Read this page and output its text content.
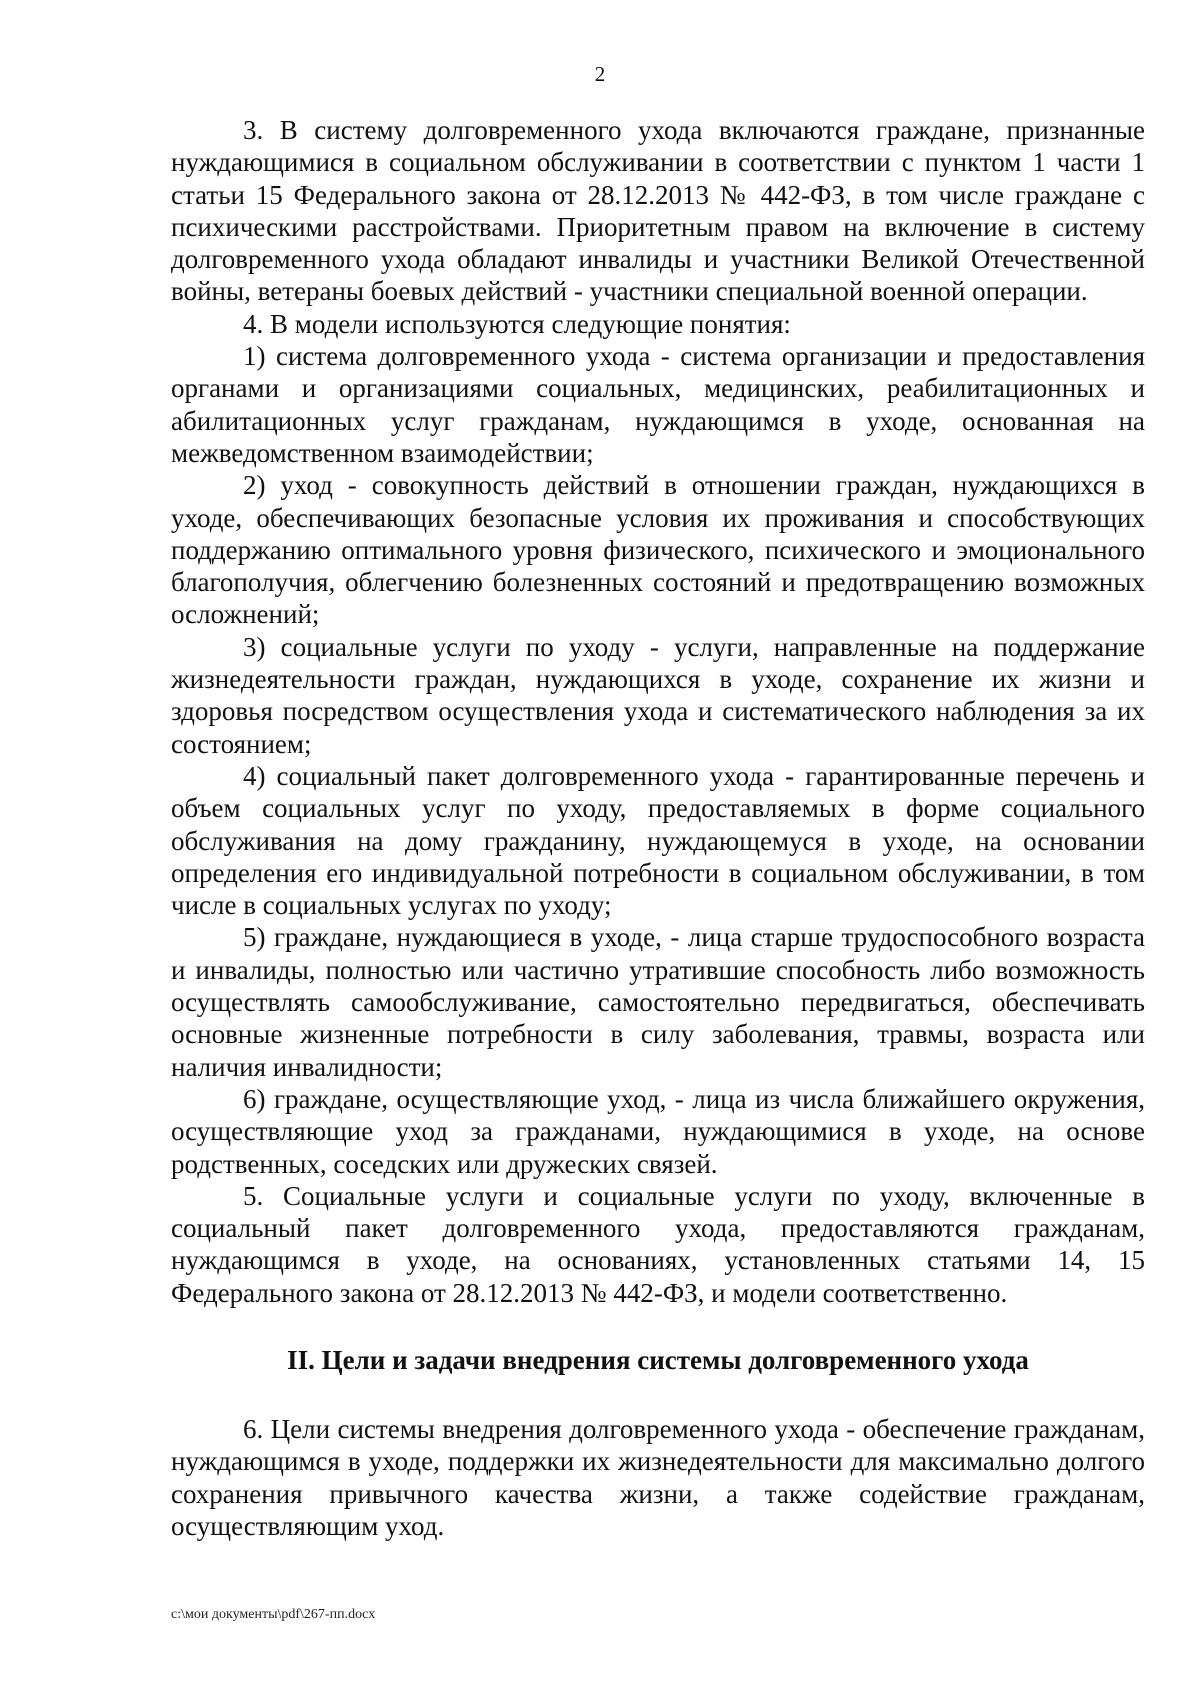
2

3. В систему долговременного ухода включаются граждане, признанные нуждающимися в социальном обслуживании в соответствии с пунктом 1 части 1 статьи 15 Федерального закона от 28.12.2013 № 442-ФЗ, в том числе граждане с психическими расстройствами. Приоритетным правом на включение в систему долговременного ухода обладают инвалиды и участники Великой Отечественной войны, ветераны боевых действий - участники специальной военной операции.

4. В модели используются следующие понятия:

1) система долговременного ухода - система организации и предоставления органами и организациями социальных, медицинских, реабилитационных и абилитационных услуг гражданам, нуждающимся в уходе, основанная на межведомственном взаимодействии;

2) уход - совокупность действий в отношении граждан, нуждающихся в уходе, обеспечивающих безопасные условия их проживания и способствующих поддержанию оптимального уровня физического, психического и эмоционального благополучия, облегчению болезненных состояний и предотвращению возможных осложнений;

3) социальные услуги по уходу - услуги, направленные на поддержание жизнедеятельности граждан, нуждающихся в уходе, сохранение их жизни и здоровья посредством осуществления ухода и систематического наблюдения за их состоянием;

4) социальный пакет долговременного ухода - гарантированные перечень и объем социальных услуг по уходу, предоставляемых в форме социального обслуживания на дому гражданину, нуждающемуся в уходе, на основании определения его индивидуальной потребности в социальном обслуживании, в том числе в социальных услугах по уходу;

5) граждане, нуждающиеся в уходе, - лица старше трудоспособного возраста и инвалиды, полностью или частично утратившие способность либо возможность осуществлять самообслуживание, самостоятельно передвигаться, обеспечивать основные жизненные потребности в силу заболевания, травмы, возраста или наличия инвалидности;

6) граждане, осуществляющие уход, - лица из числа ближайшего окружения, осуществляющие уход за гражданами, нуждающимися в уходе, на основе родственных, соседских или дружеских связей.

5. Социальные услуги и социальные услуги по уходу, включенные в социальный пакет долговременного ухода, предоставляются гражданам, нуждающимся в уходе, на основаниях, установленных статьями 14, 15 Федерального закона от 28.12.2013 № 442-ФЗ, и модели соответственно.

II. Цели и задачи внедрения системы долговременного ухода

6. Цели системы внедрения долговременного ухода - обеспечение гражданам, нуждающимся в уходе, поддержки их жизнедеятельности для максимально долгого сохранения привычного качества жизни, а также содействие гражданам, осуществляющим уход.

c:\мои документы\pdf\267-пп.docx
